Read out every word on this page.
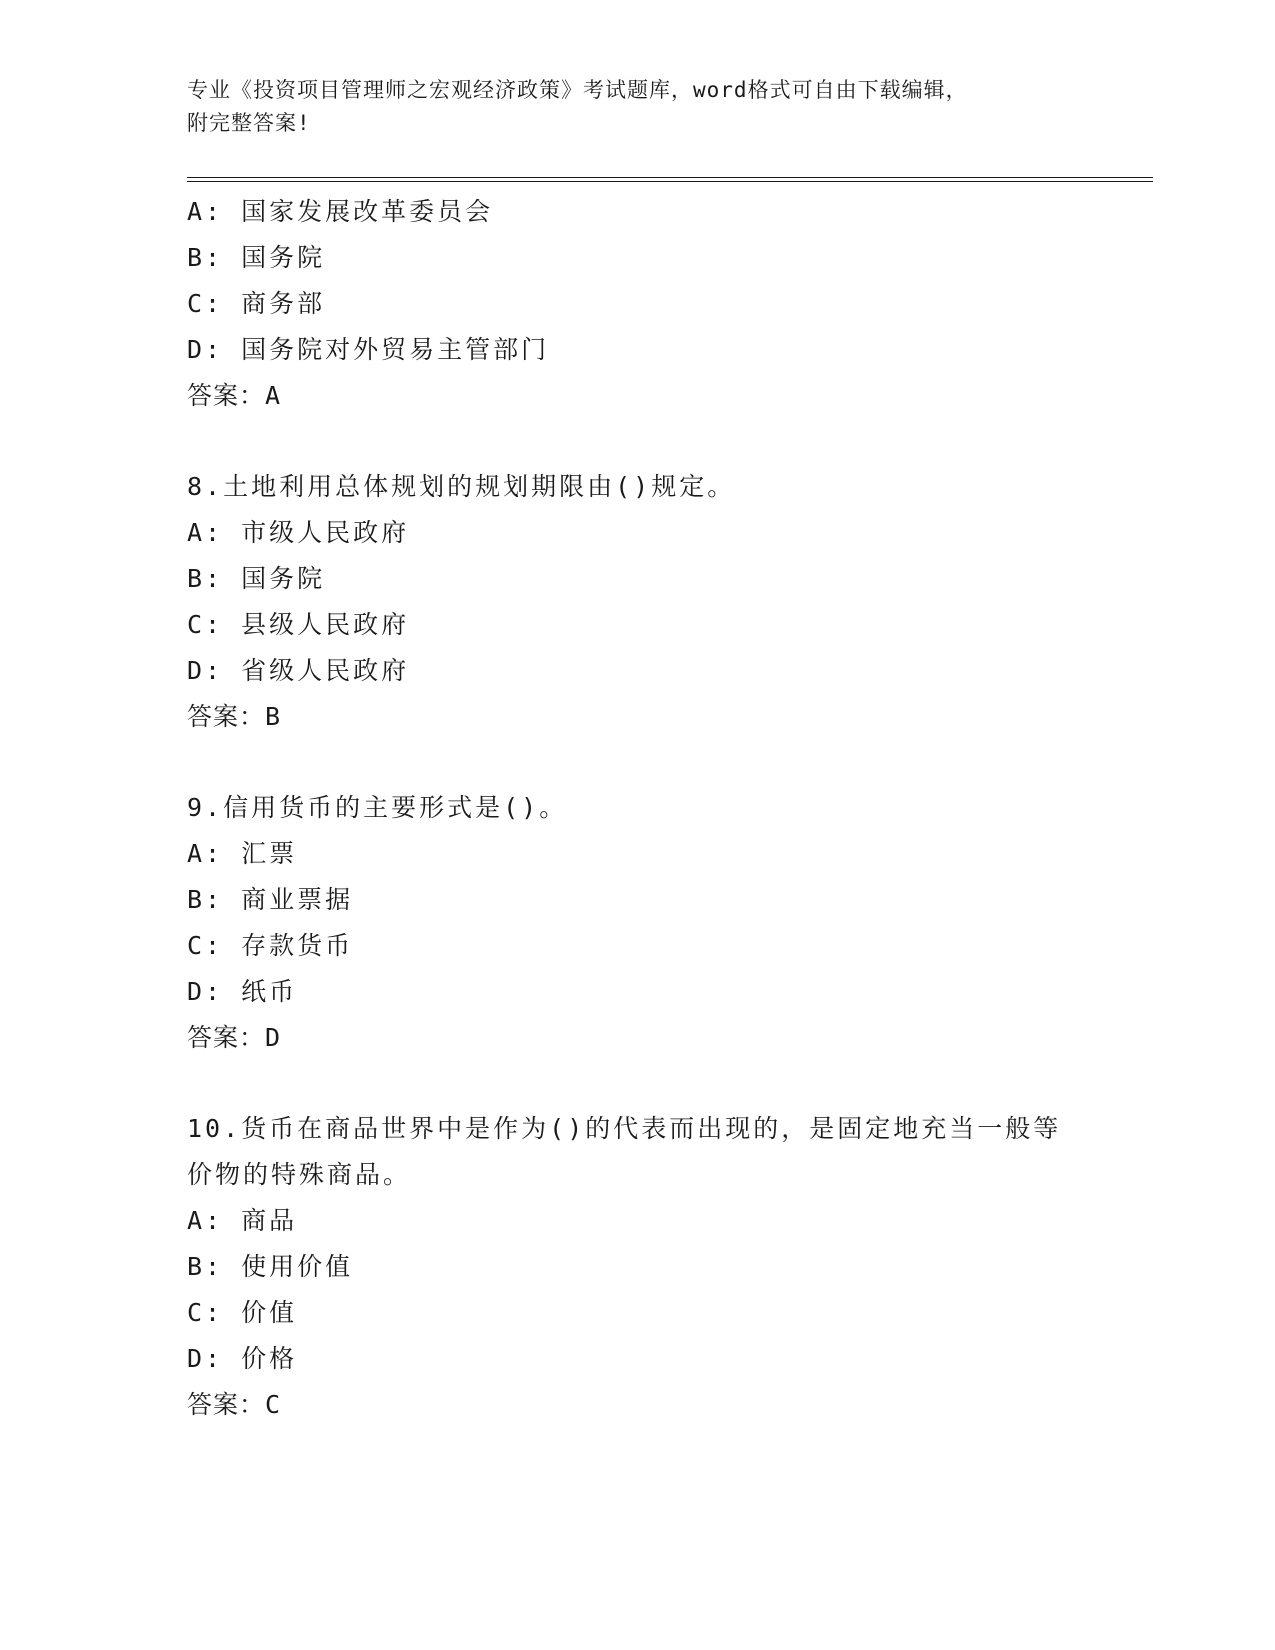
专业《投资项目管理师之宏观经济政策》考试题库，word格式可自由下载编辑，
附完整答案!
A: 国家发展改革委员会
B: 国务院
C: 商务部
D: 国务院对外贸易主管部门
答案：A
8.土地利用总体规划的规划期限由()规定。
A: 市级人民政府
B: 国务院
C: 县级人民政府
D: 省级人民政府
答案：B
9.信用货币的主要形式是()。
A: 汇票
B: 商业票据
C: 存款货币
D: 纸币
答案：D
10.货币在商品世界中是作为()的代表而出现的，是固定地充当一般等
价物的特殊商品。
A: 商品
B: 使用价值
C: 价值
D: 价格
答案：C
